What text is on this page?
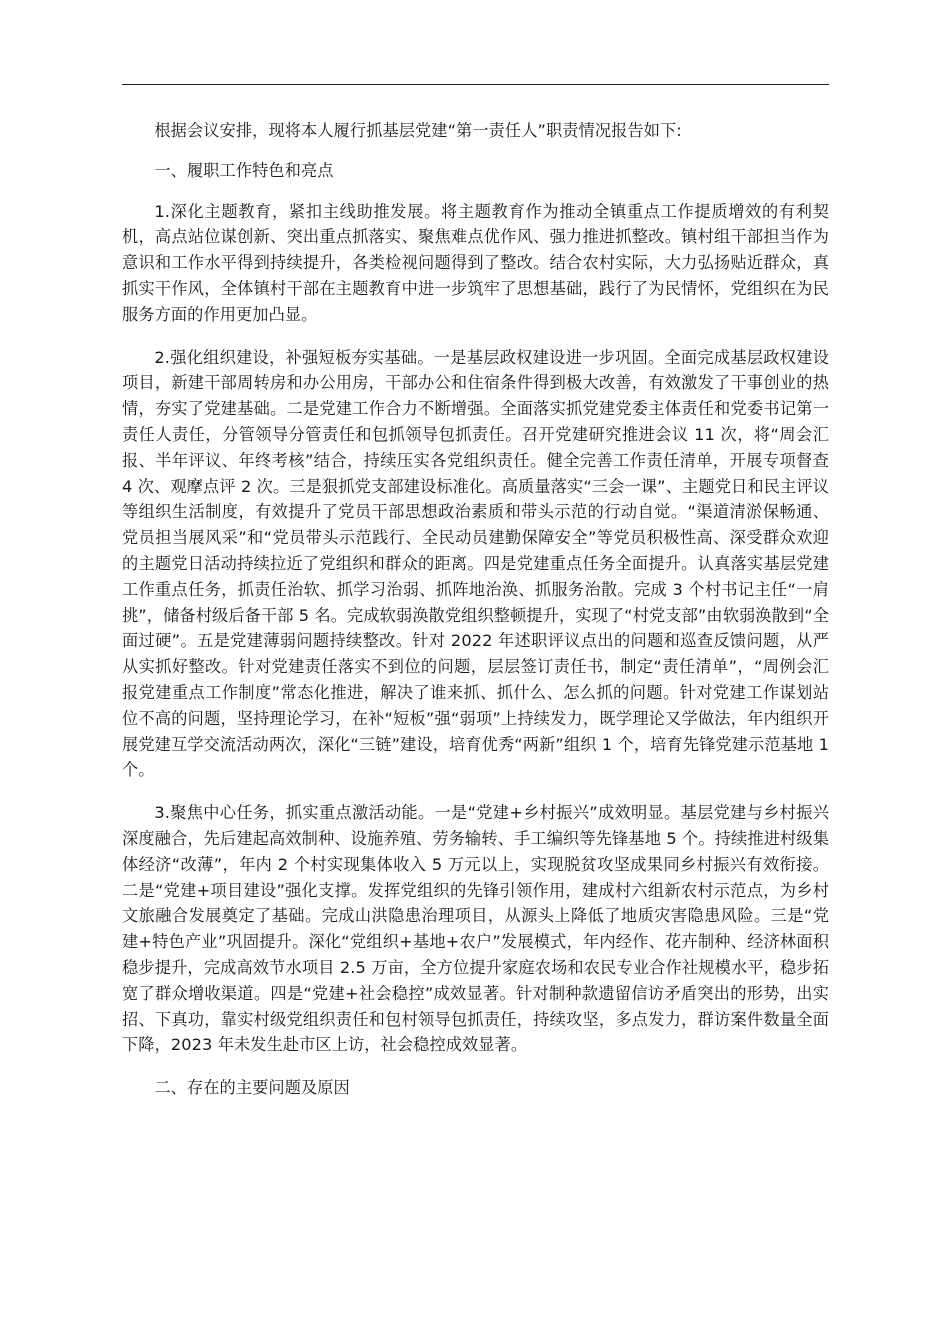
根据会议安排，现将本人履行抓基层党建“第一责任人”职责情况报告如下:

一、履职工作特色和亮点

1.深化主题教育，紧扣主线助推发展。将主题教育作为推动全镇重点工作提质增效的有利契机，高点站位谋创新、突出重点抓落实、聚焦难点优作风、强力推进抓整改。镇村组干部担当作为意识和工作水平得到持续提升，各类检视问题得到了整改。结合农村实际，大力弘扬贴近群众，真抓实干作风，全体镇村干部在主题教育中进一步筑牢了思想基础，践行了为民情怀，党组织在为民服务方面的作用更加凸显。

2.强化组织建设，补强短板夯实基础。一是基层政权建设进一步巩固。全面完成基层政权建设项目，新建干部周转房和办公用房，干部办公和住宿条件得到极大改善，有效激发了干事创业的热情，夯实了党建基础。二是党建工作合力不断增强。全面落实抓党建党委主体责任和党委书记第一责任人责任，分管领导分管责任和包抓领导包抓责任。召开党建研究推进会议 11 次，将“周会汇报、半年评议、年终考核”结合，持续压实各党组织责任。健全完善工作责任清单，开展专项督查 4 次、观摩点评 2 次。三是狠抓党支部建设标准化。高质量落实“三会一课”、主题党日和民主评议等组织生活制度，有效提升了党员干部思想政治素质和带头示范的行动自觉。“渠道清淤保畅通、党员担当展风采”和“党员带头示范践行、全民动员建勤保障安全”等党员积极性高、深受群众欢迎的主题党日活动持续拉近了党组织和群众的距离。四是党建重点任务全面提升。认真落实基层党建工作重点任务，抓责任治软、抓学习治弱、抓阵地治涣、抓服务治散。完成 3 个村书记主任“一肩挑”，储备村级后备干部 5 名。完成软弱涣散党组织整顿提升，实现了“村党支部”由软弱涣散到“全面过硬”。五是党建薄弱问题持续整改。针对 2022 年述职评议点出的问题和巡查反馈问题，从严从实抓好整改。针对党建责任落实不到位的问题，层层签订责任书，制定“责任清单”，“周例会汇报党建重点工作制度”常态化推进，解决了谁来抓、抓什么、怎么抓的问题。针对党建工作谋划站位不高的问题，坚持理论学习，在补“短板”强“弱项”上持续发力，既学理论又学做法，年内组织开展党建互学交流活动两次，深化“三链”建设，培育优秀“两新”组织 1 个，培育先锋党建示范基地 1 个。

3.聚焦中心任务，抓实重点激活动能。一是“党建+乡村振兴”成效明显。基层党建与乡村振兴深度融合，先后建起高效制种、设施养殖、劳务输转、手工编织等先锋基地 5 个。持续推进村级集体经济“改薄”，年内 2 个村实现集体收入 5 万元以上，实现脱贫攻坚成果同乡村振兴有效衔接。二是“党建+项目建设”强化支撑。发挥党组织的先锋引领作用，建成村六组新农村示范点，为乡村文旅融合发展奠定了基础。完成山洪隐患治理项目，从源头上降低了地质灾害隐患风险。三是“党建+特色产业”巩固提升。深化“党组织+基地+农户”发展模式，年内经作、花卉制种、经济林面积稳步提升，完成高效节水项目 2.5 万亩，全方位提升家庭农场和农民专业合作社规模水平，稳步拓宽了群众增收渠道。四是“党建+社会稳控”成效显著。针对制种款遗留信访矛盾突出的形势，出实招、下真功，靠实村级党组织责任和包村领导包抓责任，持续攻坚，多点发力，群访案件数量全面下降，2023 年未发生赴市区上访，社会稳控成效显著。

二、存在的主要问题及原因
